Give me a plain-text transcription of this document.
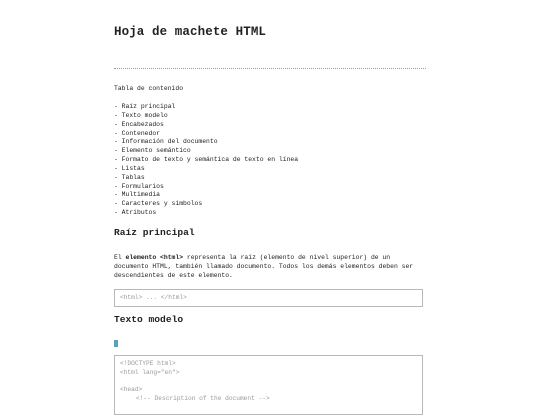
Hoja de machete HTML
Tabla de contenido
- Raíz principal
- Texto modelo
- Encabezados
- Contenedor
- Información del documento
- Elemento semántico
- Formato de texto y semántica de texto en línea
- Listas
- Tablas
- Formularios
- Multimedia
- Caracteres y símbolos
- Atributos
Raíz principal

El elemento <html> representa la raíz (elemento de nivel superior) de un documento HTML, también llamado documento. Todos los demás elementos deben ser descendientes de este elemento.

<html> ... </html>
Texto modelo
<!DOCTYPE html>
<html lang="en">
<head>
<!-- Description of the document -->
